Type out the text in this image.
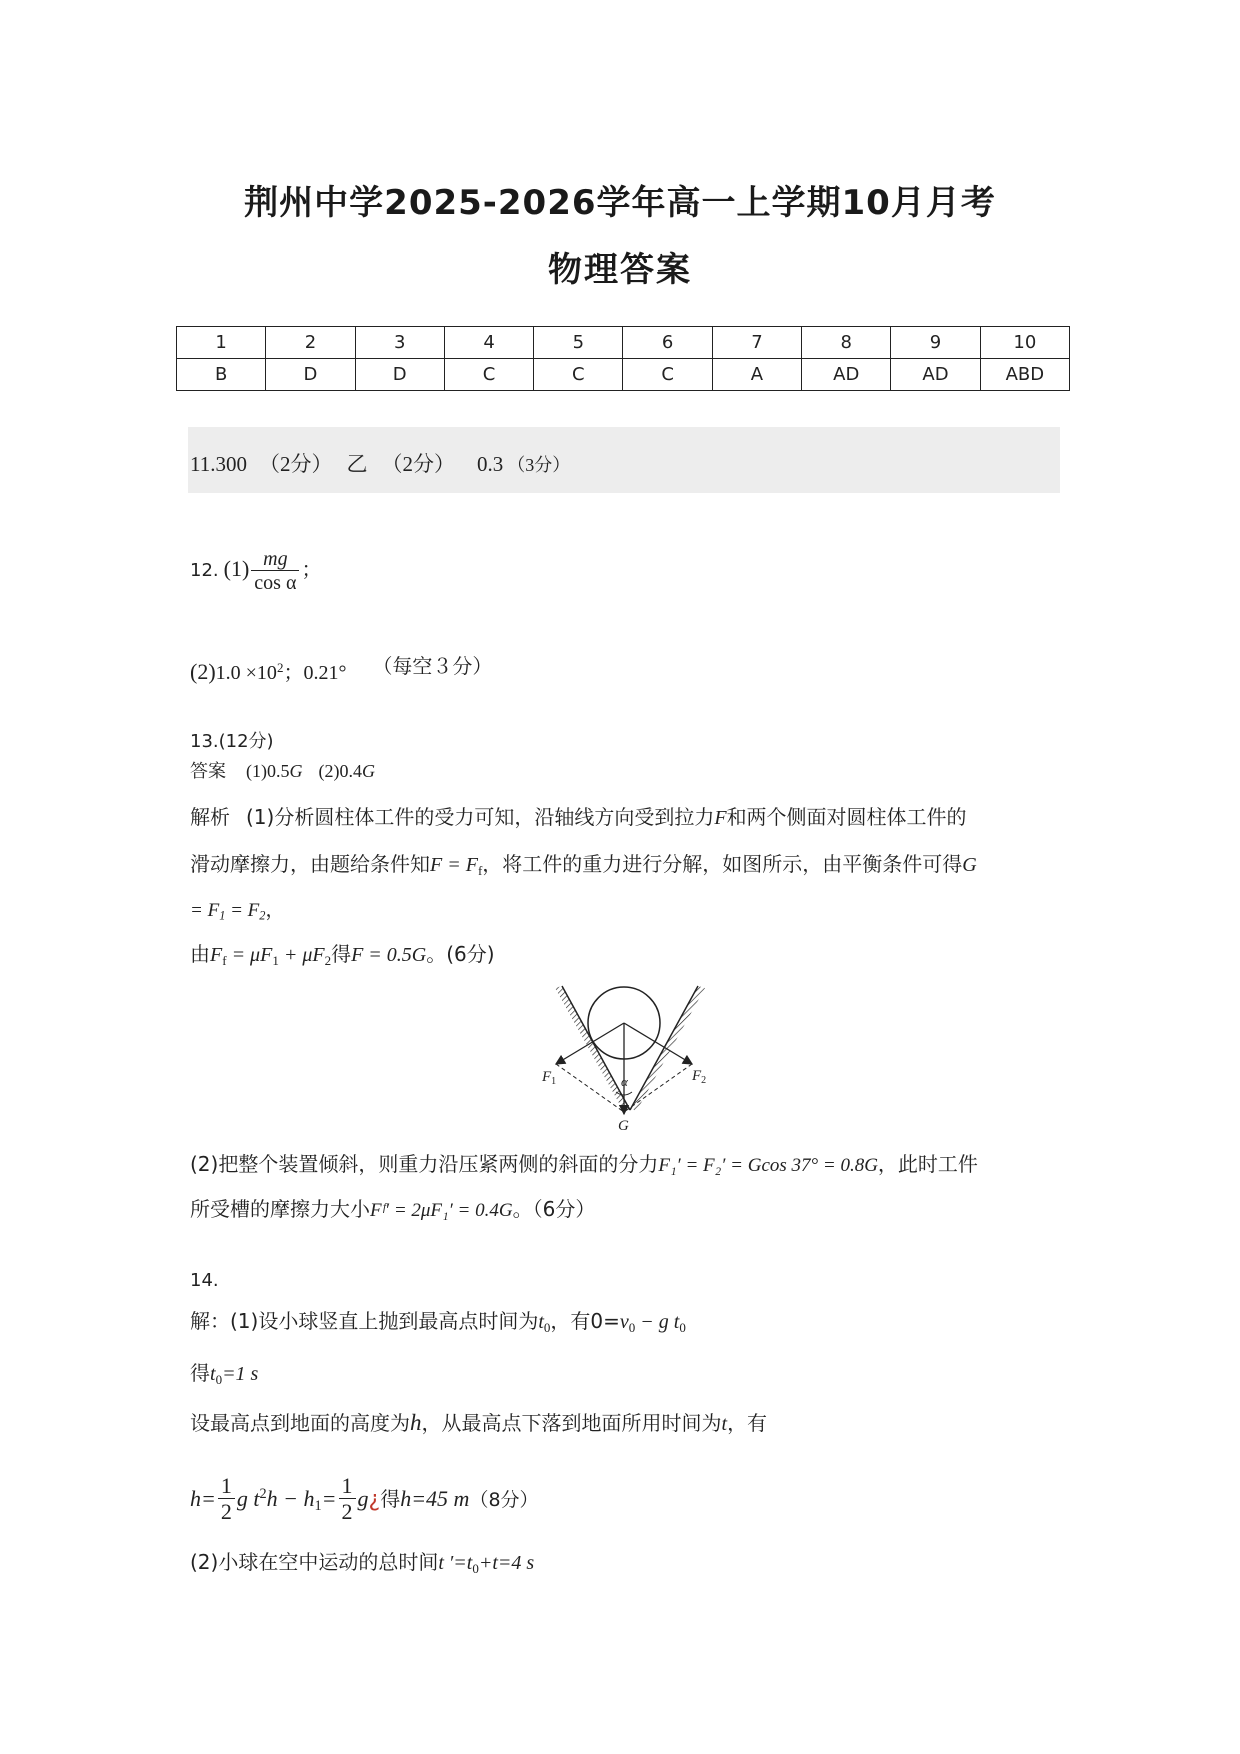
荆州中学2025-2026学年高一上学期10月月考
物理答案
1	2	3	4	5	6	7	8	9	10
B	D	D	C	C	C	A	AD	AD	ABD
11.300 （2分） 乙 （2分） 0.3 （3分）
12. $(1) \frac{mg}{\text{cos α}}$ ；
$(2)1.0 \times 10^2$；0.21° （每空３分）
13.(12分)
答案 (1)0.5G (2)0.4G
解析 (1)分析圆柱体工件的受力可知，沿轴线方向受到拉力F和两个侧面对圆柱体工件的
滑动摩擦力，由题给条件知$F = F_f$，将工件的重力进行分解，如图所示，由平衡条件可得G
= $F_1 = F_2$，
由$F_f = \mu F_1 + \mu F_2$得F = 0.5G。(6分)
$F_1$	$F_2$
α
G
(2)把整个装置倾斜，则重力沿压紧两侧的斜面的分力F₁′ = F₂′ = Gcos 37° = 0.8G，此时工件
所受槽的摩擦力大小Fᶠ′ = 2μF₁′ = 0.4G。（6分）
14.
解：(1)设小球竖直上抛到最高点时间为$t_0$，有$0=v_0 - g$ $t_0$
得$t_0=1$ s
设最高点到地面的高度为h，从最高点下落到地面所用时间为t，有
$h= \frac{1}{2}$ g $t^2h - h_1= \frac{1}{2}$ g¿得h=45 m（8分）
(2)小球在空中运动的总时间t $'=t_0+t=4$ s
